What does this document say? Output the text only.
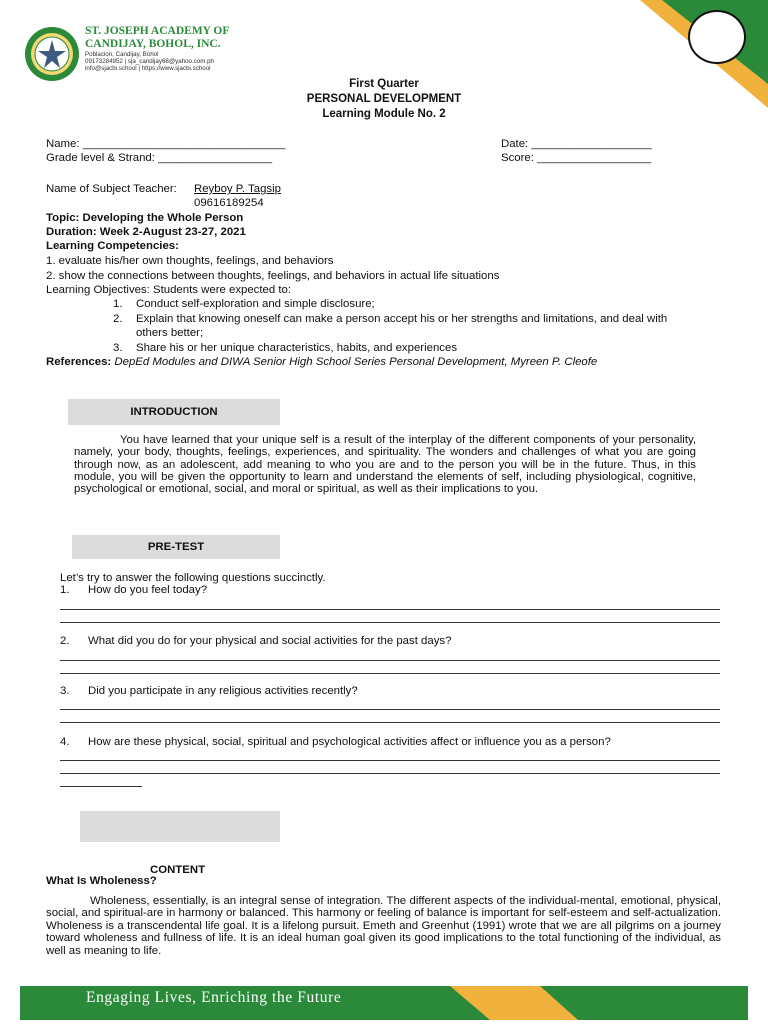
ST. JOSEPH ACADEMY OF
CANDIJAY, BOHOL, INC.
Poblacion, Candijay, Bohol
09173284952 | sja_candijay68@yahoo.com.ph
info@sjacbi.school | https://www.sjacbi.school
First Quarter
PERSONAL DEVELOPMENT
Learning Module No. 2
Name: ________________________________	Date: ___________________
Grade level & Strand: __________________	Score: __________________
Name of Subject Teacher: Reyboy P. Tagsip
09616189254
Topic: Developing the Whole Person
Duration: Week 2-August 23-27, 2021
Learning Competencies:
1. evaluate his/her own thoughts, feelings, and behaviors
2. show the connections between thoughts, feelings, and behaviors in actual life situations
Learning Objectives: Students were expected to:
1. Conduct self-exploration and simple disclosure;
2. Explain that knowing oneself can make a person accept his or her strengths and limitations, and deal with
others better;
3. Share his or her unique characteristics, habits, and experiences
References: DepEd Modules and DIWA Senior High School Series Personal Development, Myreen P. Cleofe
INTRODUCTION
You have learned that your unique self is a result of the interplay of the different components of your personality, namely, your body, thoughts, feelings, experiences, and spirituality. The wonders and challenges of what you are going through now, as an adolescent, add meaning to who you are and to the person you will be in the future. Thus, in this module, you will be given the opportunity to learn and understand the elements of self, including physiological, cognitive, psychological or emotional, social, and moral or spiritual, as well as their implications to you.
PRE-TEST
Let’s try to answer the following questions succinctly.
1. How do you feel today?
2. What did you do for your physical and social activities for the past days?
3. Did you participate in any religious activities recently?
4. How are these physical, social, spiritual and psychological activities affect or influence you as a person?
CONTENT
What Is Wholeness?
Wholeness, essentially, is an integral sense of integration. The different aspects of the individual-mental, emotional, physical, social, and spiritual-are in harmony or balanced. This harmony or feeling of balance is important for self-esteem and self-actualization. Wholeness is a transcendental life goal. It is a lifelong pursuit. Emeth and Greenhut (1991) wrote that we are all pilgrims on a journey toward wholeness and fullness of life. It is an ideal human goal given its good implications to the total functioning of the individual, as well as meaning to life.
Engaging Lives, Enriching the Future
